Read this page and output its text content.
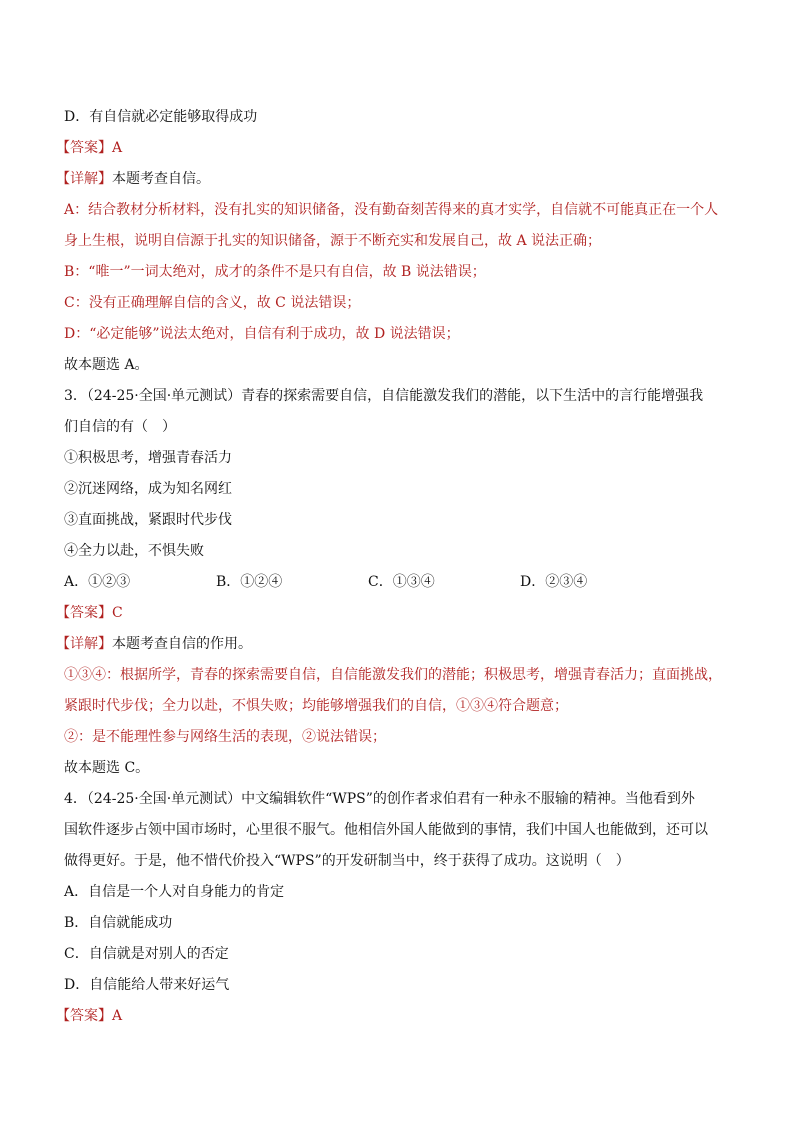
D．有自信就必定能够取得成功

【答案】A

【详解】本题考查自信。

A：结合教材分析材料，没有扎实的知识储备，没有勤奋刻苦得来的真才实学，自信就不可能真正在一个人

身上生根，说明自信源于扎实的知识储备，源于不断充实和发展自己，故 A 说法正确；

B：“唯一”一词太绝对，成才的条件不是只有自信，故 B 说法错误；

C：没有正确理解自信的含义，故 C 说法错误；

D：“必定能够”说法太绝对，自信有利于成功，故 D 说法错误；

故本题选 A。

3．（24-25·全国·单元测试）青春的探索需要自信，自信能激发我们的潜能，以下生活中的言行能增强我

们自信的有（　）

①积极思考，增强青春活力

②沉迷网络，成为知名网红

③直面挑战，紧跟时代步伐

④全力以赴，不惧失败

A．①②③	B．①②④	C．①③④	D．②③④

【答案】C

【详解】本题考查自信的作用。

①③④：根据所学，青春的探索需要自信，自信能激发我们的潜能；积极思考，增强青春活力；直面挑战，

紧跟时代步伐；全力以赴，不惧失败；均能够增强我们的自信，①③④符合题意；

②：是不能理性参与网络生活的表现，②说法错误；

故本题选 C。

4．（24-25·全国·单元测试）中文编辑软件“WPS”的创作者求伯君有一种永不服输的精神。当他看到外

国软件逐步占领中国市场时，心里很不服气。他相信外国人能做到的事情，我们中国人也能做到，还可以

做得更好。于是，他不惜代价投入“WPS”的开发研制当中，终于获得了成功。这说明（　）

A．自信是一个人对自身能力的肯定

B．自信就能成功

C．自信就是对别人的否定

D．自信能给人带来好运气

【答案】A
